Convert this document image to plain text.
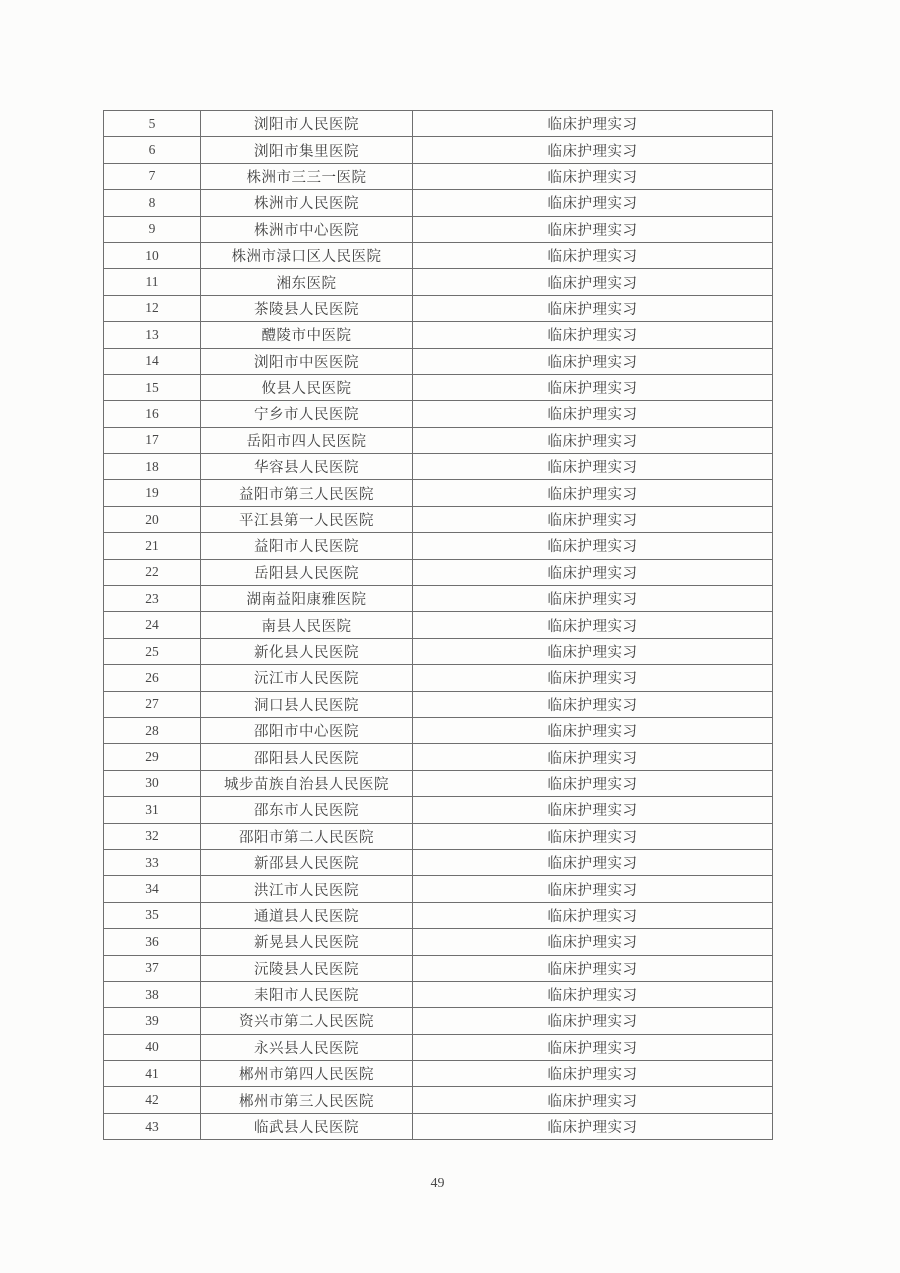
5	浏阳市人民医院	临床护理实习
6	浏阳市集里医院	临床护理实习
7	株洲市三三一医院	临床护理实习
8	株洲市人民医院	临床护理实习
9	株洲市中心医院	临床护理实习
10	株洲市渌口区人民医院	临床护理实习
11	湘东医院	临床护理实习
12	茶陵县人民医院	临床护理实习
13	醴陵市中医院	临床护理实习
14	浏阳市中医医院	临床护理实习
15	攸县人民医院	临床护理实习
16	宁乡市人民医院	临床护理实习
17	岳阳市四人民医院	临床护理实习
18	华容县人民医院	临床护理实习
19	益阳市第三人民医院	临床护理实习
20	平江县第一人民医院	临床护理实习
21	益阳市人民医院	临床护理实习
22	岳阳县人民医院	临床护理实习
23	湖南益阳康雅医院	临床护理实习
24	南县人民医院	临床护理实习
25	新化县人民医院	临床护理实习
26	沅江市人民医院	临床护理实习
27	洞口县人民医院	临床护理实习
28	邵阳市中心医院	临床护理实习
29	邵阳县人民医院	临床护理实习
30	城步苗族自治县人民医院	临床护理实习
31	邵东市人民医院	临床护理实习
32	邵阳市第二人民医院	临床护理实习
33	新邵县人民医院	临床护理实习
34	洪江市人民医院	临床护理实习
35	通道县人民医院	临床护理实习
36	新晃县人民医院	临床护理实习
37	沅陵县人民医院	临床护理实习
38	耒阳市人民医院	临床护理实习
39	资兴市第二人民医院	临床护理实习
40	永兴县人民医院	临床护理实习
41	郴州市第四人民医院	临床护理实习
42	郴州市第三人民医院	临床护理实习
43	临武县人民医院	临床护理实习
49
